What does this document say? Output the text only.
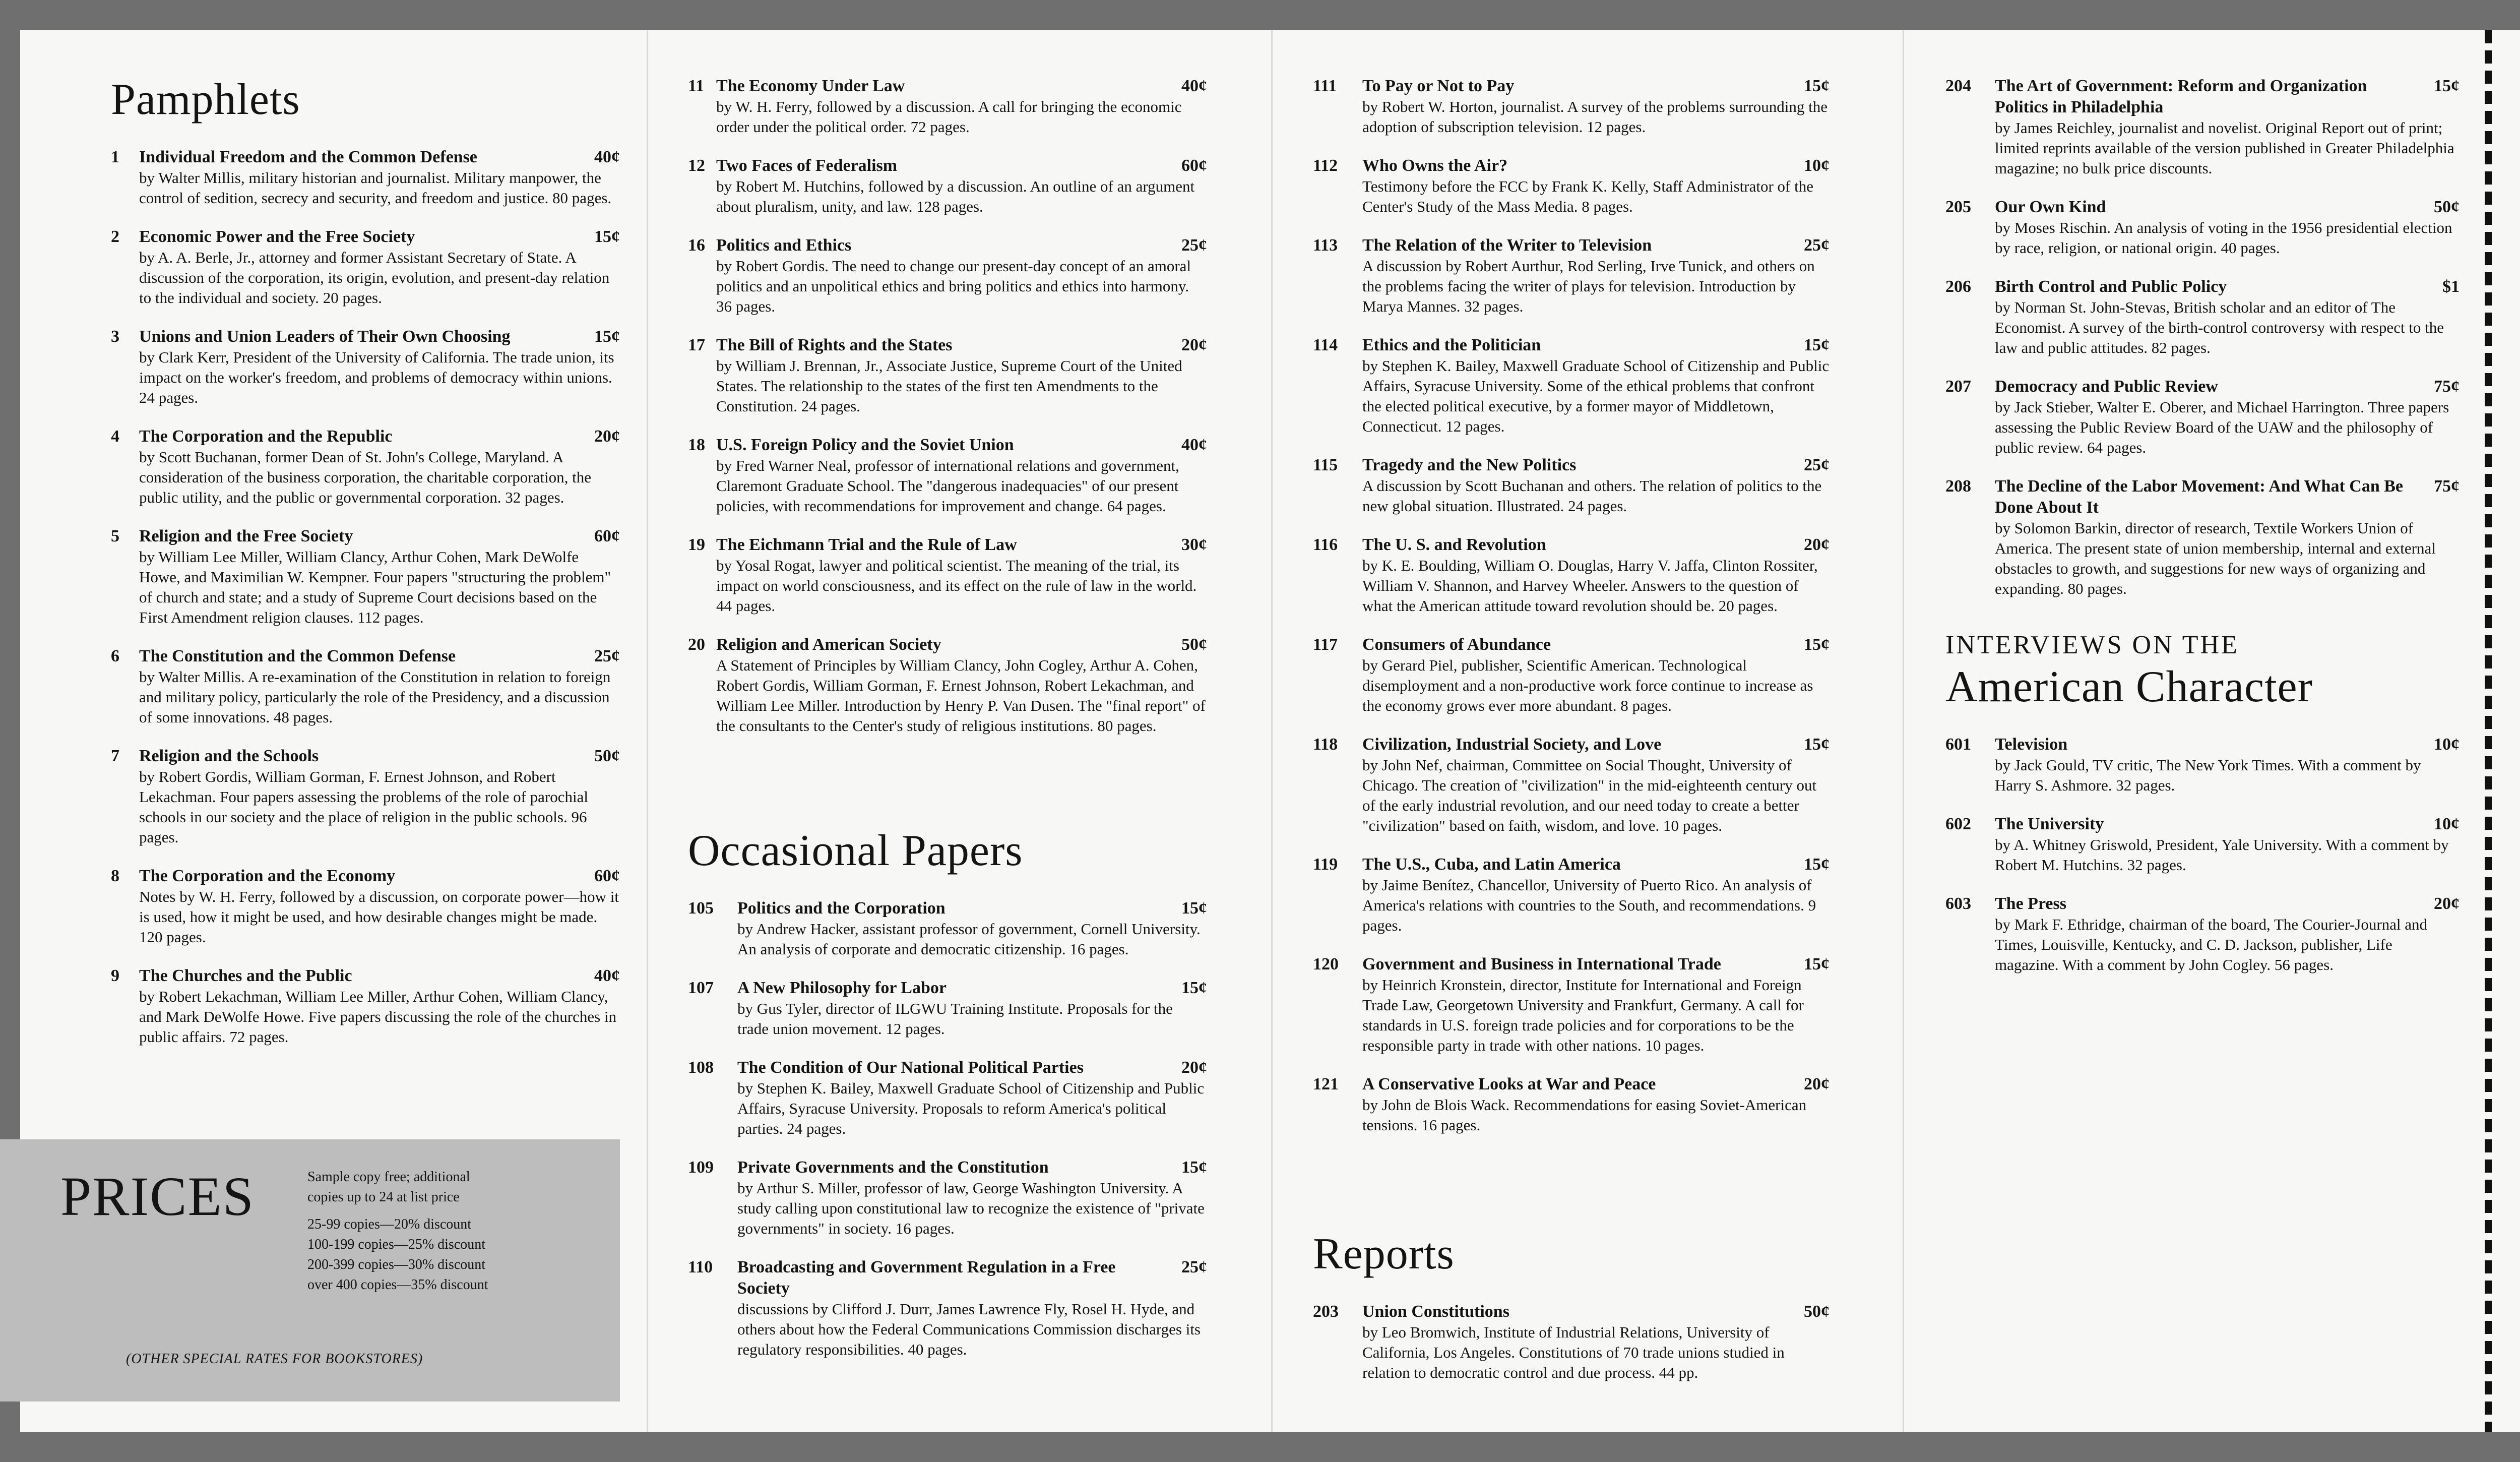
Pamphlets
1	Individual Freedom and the Common Defense	40¢
by Walter Millis, military historian and journalist. Military manpower, the control of sedition, secrecy and security, and freedom and justice. 80 pages.
2	Economic Power and the Free Society	15¢
by A. A. Berle, Jr., attorney and former Assistant Secretary of State. A discussion of the corporation, its origin, evolution, and present-day relation to the individual and society. 20 pages.
3	Unions and Union Leaders of Their Own Choosing	15¢
by Clark Kerr, President of the University of California. The trade union, its impact on the worker's freedom, and problems of democracy within unions. 24 pages.
4	The Corporation and the Republic	20¢
by Scott Buchanan, former Dean of St. John's College, Maryland. A consideration of the business corporation, the charitable corporation, the public utility, and the public or governmental corporation. 32 pages.
5	Religion and the Free Society	60¢
by William Lee Miller, William Clancy, Arthur Cohen, Mark DeWolfe Howe, and Maximilian W. Kempner. Four papers "structuring the problem" of church and state; and a study of Supreme Court decisions based on the First Amendment religion clauses. 112 pages.
6	The Constitution and the Common Defense	25¢
by Walter Millis. A re-examination of the Constitution in relation to foreign and military policy, particularly the role of the Presidency, and a discussion of some innovations. 48 pages.
7	Religion and the Schools	50¢
by Robert Gordis, William Gorman, F. Ernest Johnson, and Robert Lekachman. Four papers assessing the problems of the role of parochial schools in our society and the place of religion in the public schools. 96 pages.
8	The Corporation and the Economy	60¢
Notes by W. H. Ferry, followed by a discussion, on corporate power—how it is used, how it might be used, and how desirable changes might be made. 120 pages.
9	The Churches and the Public	40¢
by Robert Lekachman, William Lee Miller, Arthur Cohen, William Clancy, and Mark DeWolfe Howe. Five papers discussing the role of the churches in public affairs. 72 pages.
PRICES	Sample copy free; additional
copies up to 24 at list price
25-99 copies—20% discount
100-199 copies—25% discount
200-399 copies—30% discount
over 400 copies—35% discount
(OTHER SPECIAL RATES FOR BOOKSTORES)
11 The Economy Under Law	40¢
by W. H. Ferry, followed by a discussion. A call for bringing the economic order under the political order. 72 pages.
12 Two Faces of Federalism	60¢
by Robert M. Hutchins, followed by a discussion. An outline of an argument about pluralism, unity, and law. 128 pages.
16 Politics and Ethics	25¢
by Robert Gordis. The need to change our present-day concept of an amoral politics and an unpolitical ethics and bring politics and ethics into harmony. 36 pages.
17 The Bill of Rights and the States	20¢
by William J. Brennan, Jr., Associate Justice, Supreme Court of the United States. The relationship to the states of the first ten Amendments to the Constitution. 24 pages.
18 U.S. Foreign Policy and the Soviet Union	40¢
by Fred Warner Neal, professor of international relations and government, Claremont Graduate School. The "dangerous inadequacies" of our present policies, with recommendations for improvement and change. 64 pages.
19 The Eichmann Trial and the Rule of Law	30¢
by Yosal Rogat, lawyer and political scientist. The meaning of the trial, its impact on world consciousness, and its effect on the rule of law in the world. 44 pages.
20 Religion and American Society	50¢
A Statement of Principles by William Clancy, John Cogley, Arthur A. Cohen, Robert Gordis, William Gorman, F. Ernest Johnson, Robert Lekachman, and William Lee Miller. Introduction by Henry P. Van Dusen. The "final report" of the consultants to the Center's study of religious institutions. 80 pages.
Occasional Papers
105	Politics and the Corporation	15¢
by Andrew Hacker, assistant professor of government, Cornell University. An analysis of corporate and democratic citizenship. 16 pages.
107	A New Philosophy for Labor	15¢
by Gus Tyler, director of ILGWU Training Institute. Proposals for the trade union movement. 12 pages.
108	The Condition of Our National Political Parties	20¢
by Stephen K. Bailey, Maxwell Graduate School of Citizenship and Public Affairs, Syracuse University. Proposals to reform America's political parties. 24 pages.
109	Private Governments and the Constitution	15¢
by Arthur S. Miller, professor of law, George Washington University. A study calling upon constitutional law to recognize the existence of "private governments" in society. 16 pages.
110	Broadcasting and Government Regulation in a Free Society
25¢
discussions by Clifford J. Durr, James Lawrence Fly, Rosel H. Hyde, and others about how the Federal Communications Commission discharges its regulatory responsibilities. 40 pages.
111	To Pay or Not to Pay	15¢
by Robert W. Horton, journalist. A survey of the problems surrounding the adoption of subscription television. 12 pages.
112	Who Owns the Air?	10¢
Testimony before the FCC by Frank K. Kelly, Staff Administrator of the Center's Study of the Mass Media. 8 pages.
113	The Relation of the Writer to Television	25¢
A discussion by Robert Aurthur, Rod Serling, Irve Tunick, and others on the problems facing the writer of plays for television. Introduction by Marya Mannes. 32 pages.
114	Ethics and the Politician	15¢
by Stephen K. Bailey, Maxwell Graduate School of Citizenship and Public Affairs, Syracuse University. Some of the ethical problems that confront the elected political executive, by a former mayor of Middletown, Connecticut. 12 pages.
115	Tragedy and the New Politics	25¢
A discussion by Scott Buchanan and others. The relation of politics to the new global situation. Illustrated. 24 pages.
116	The U. S. and Revolution	20¢
by K. E. Boulding, William O. Douglas, Harry V. Jaffa, Clinton Rossiter, William V. Shannon, and Harvey Wheeler. Answers to the question of what the American attitude toward revolution should be. 20 pages.
117	Consumers of Abundance	15¢
by Gerard Piel, publisher, Scientific American. Technological disemployment and a non-productive work force continue to increase as the economy grows ever more abundant. 8 pages.
118	Civilization, Industrial Society, and Love	15¢
by John Nef, chairman, Committee on Social Thought, University of Chicago. The creation of "civilization" in the mid-eighteenth century out of the early industrial revolution, and our need today to create a better "civilization" based on faith, wisdom, and love. 10 pages.
119	The U.S., Cuba, and Latin America	15¢
by Jaime Benítez, Chancellor, University of Puerto Rico. An analysis of America's relations with countries to the South, and recommendations. 9 pages.
120	Government and Business in International Trade	15¢
by Heinrich Kronstein, director, Institute for International and Foreign Trade Law, Georgetown University and Frankfurt, Germany. A call for standards in U.S. foreign trade policies and for corporations to be the responsible party in trade with other nations. 10 pages.
121	A Conservative Looks at War and Peace	20¢
by John de Blois Wack. Recommendations for easing Soviet-American tensions. 16 pages.
Reports
203	Union Constitutions	50¢
by Leo Bromwich, Institute of Industrial Relations, University of California, Los Angeles. Constitutions of 70 trade unions studied in relation to democratic control and due process. 44 pp.
204	The Art of Government: Reform and Organization Politics in Philadelphia
15¢
by James Reichley, journalist and novelist. Original Report out of print; limited reprints available of the version published in Greater Philadelphia magazine; no bulk price discounts.
205	Our Own Kind	50¢
by Moses Rischin. An analysis of voting in the 1956 presidential election by race, religion, or national origin. 40 pages.
206	Birth Control and Public Policy	$1
by Norman St. John-Stevas, British scholar and an editor of The Economist. A survey of the birth-control controversy with respect to the law and public attitudes. 82 pages.
207	Democracy and Public Review	75¢
by Jack Stieber, Walter E. Oberer, and Michael Harrington. Three papers assessing the Public Review Board of the UAW and the philosophy of public review. 64 pages.
208	The Decline of the Labor Movement: And What Can Be Done About It
75¢
by Solomon Barkin, director of research, Textile Workers Union of America. The present state of union membership, internal and external obstacles to growth, and suggestions for new ways of organizing and expanding. 80 pages.
INTERVIEWS ON THE
American Character
601	Television	10¢
by Jack Gould, TV critic, The New York Times. With a comment by Harry S. Ashmore. 32 pages.
602	The University	10¢
by A. Whitney Griswold, President, Yale University. With a comment by Robert M. Hutchins. 32 pages.
603	The Press	20¢
by Mark F. Ethridge, chairman of the board, The Courier-Journal and Times, Louisville, Kentucky, and C. D. Jackson, publisher, Life magazine. With a comment by John Cogley. 56 pages.
